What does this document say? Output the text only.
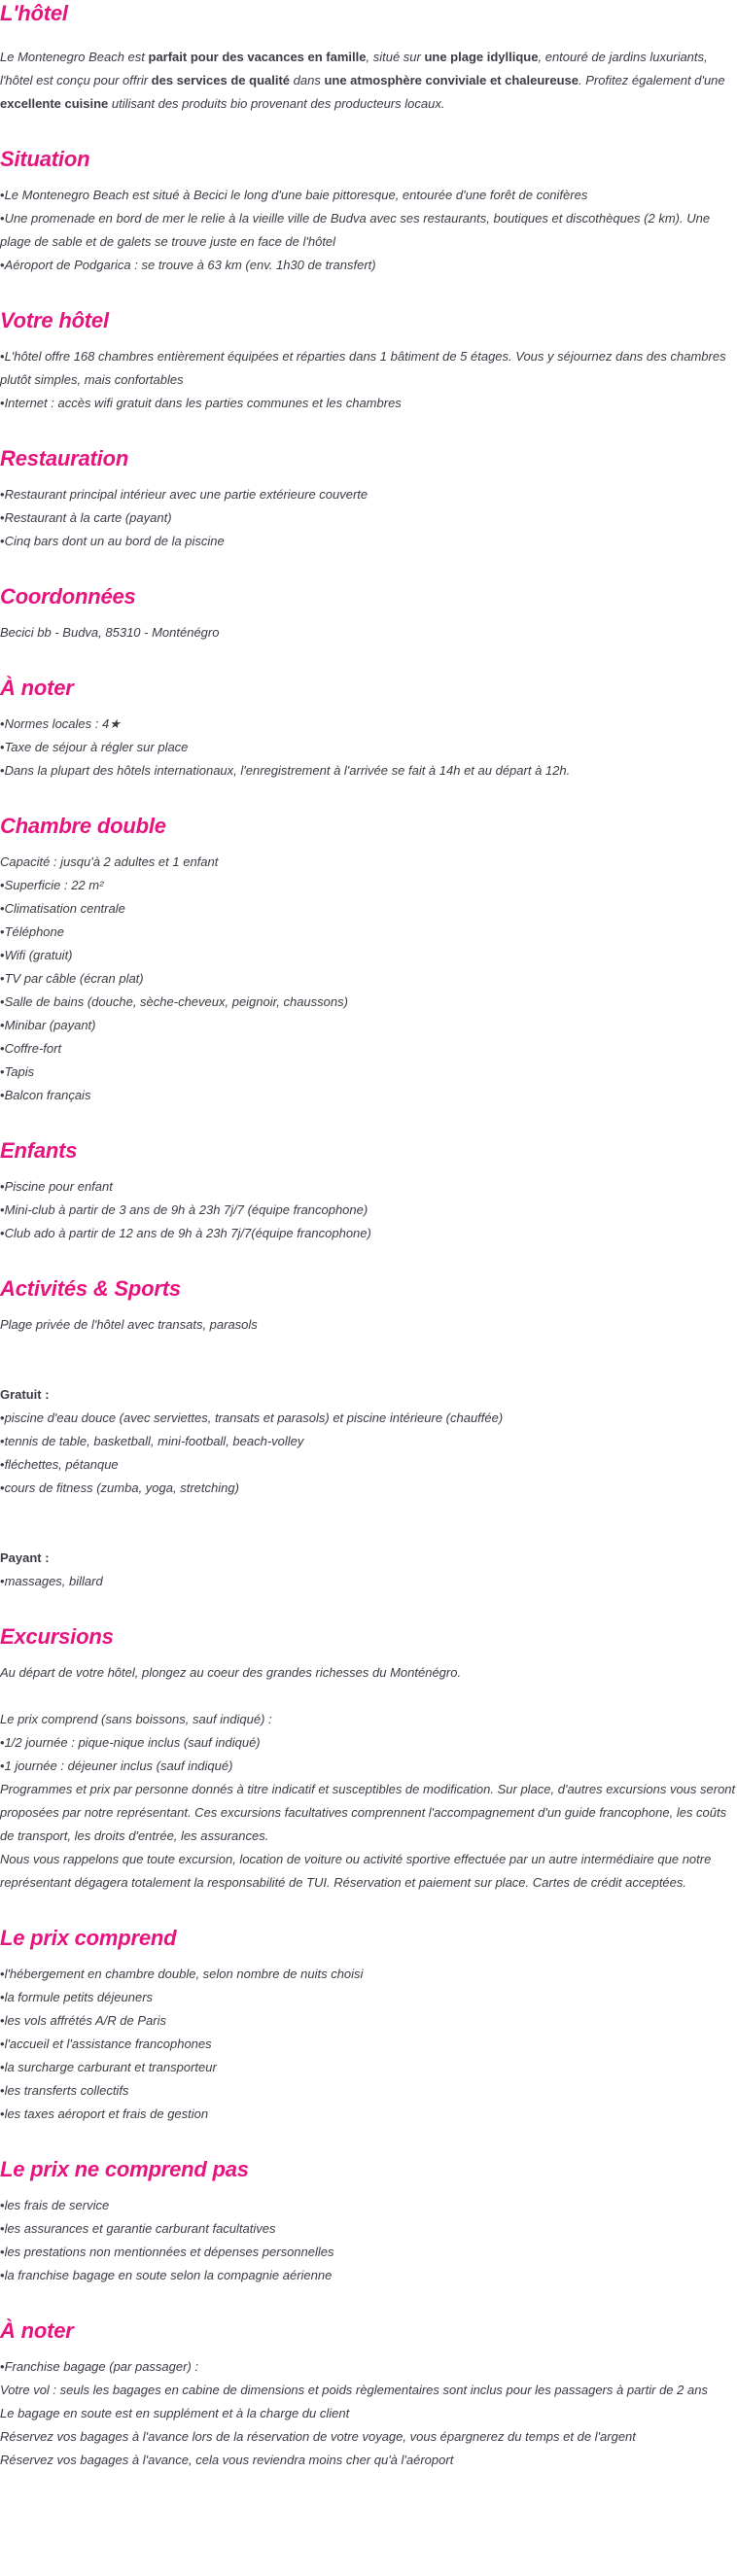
L'hôtel

Le Montenegro Beach est parfait pour des vacances en famille, situé sur une plage idyllique, entouré de jardins luxuriants, l'hôtel est conçu pour offrir des services de qualité dans une atmosphère conviviale et chaleureuse. Profitez également d'une excellente cuisine utilisant des produits bio provenant des producteurs locaux.

Situation
• Le Montenegro Beach est situé à Becici le long d'une baie pittoresque, entourée d'une forêt de conifères
• Une promenade en bord de mer le relie à la vieille ville de Budva avec ses restaurants, boutiques et discothèques (2 km). Une plage de sable et de galets se trouve juste en face de l'hôtel
• Aéroport de Podgarica : se trouve à 63 km (env. 1h30 de transfert)
Votre hôtel
• L'hôtel offre 168 chambres entièrement équipées et réparties dans 1 bâtiment de 5 étages. Vous y séjournez dans des chambres plutôt simples, mais confortables
• Internet : accès wifi gratuit dans les parties communes et les chambres
Restauration
• Restaurant principal intérieur avec une partie extérieure couverte
• Restaurant à la carte (payant)
• Cinq bars dont un au bord de la piscine
Coordonnées

Becici bb - Budva, 85310 - Monténégro

À noter
• Normes locales : 4★
• Taxe de séjour à régler sur place
• Dans la plupart des hôtels internationaux, l'enregistrement à l'arrivée se fait à 14h et au départ à 12h.
Chambre double

Capacité : jusqu'à 2 adultes et 1 enfant

• Superficie : 22 m²
• Climatisation centrale
• Téléphone
• Wifi (gratuit)
• TV par câble (écran plat)
• Salle de bains (douche, sèche-cheveux, peignoir, chaussons)
• Minibar (payant)
• Coffre-fort
• Tapis
• Balcon français
Enfants
• Piscine pour enfant
• Mini-club à partir de 3 ans de 9h à 23h 7j/7 (équipe francophone)
• Club ado à partir de 12 ans de 9h à 23h 7j/7(équipe francophone)
Activités & Sports

Plage privée de l'hôtel avec transats, parasols

Gratuit :

• piscine d'eau douce (avec serviettes, transats et parasols) et piscine intérieure (chauffée)
• tennis de table, basketball, mini-football, beach-volley
• fléchettes, pétanque
• cours de fitness (zumba, yoga, stretching)

Payant :

• massages, billard
Excursions

Au départ de votre hôtel, plongez au coeur des grandes richesses du Monténégro.

Le prix comprend (sans boissons, sauf indiqué) :

• 1/2 journée : pique-nique inclus (sauf indiqué)
• 1 journée : déjeuner inclus (sauf indiqué)

Programmes et prix par personne donnés à titre indicatif et susceptibles de modification. Sur place, d'autres excursions vous seront proposées par notre représentant. Ces excursions facultatives comprennent l'accompagnement d'un guide francophone, les coûts de transport, les droits d'entrée, les assurances.

Nous vous rappelons que toute excursion, location de voiture ou activité sportive effectuée par un autre intermédiaire que notre représentant dégagera totalement la responsabilité de TUI. Réservation et paiement sur place. Cartes de crédit acceptées.

Le prix comprend
• l'hébergement en chambre double, selon nombre de nuits choisi
• la formule petits déjeuners
• les vols affrétés A/R de Paris
• l'accueil et l'assistance francophones
• la surcharge carburant et transporteur
• les transferts collectifs
• les taxes aéroport et frais de gestion
Le prix ne comprend pas
• les frais de service
• les assurances et garantie carburant facultatives
• les prestations non mentionnées et dépenses personnelles
• la franchise bagage en soute selon la compagnie aérienne
À noter
• Franchise bagage (par passager) :

Votre vol : seuls les bagages en cabine de dimensions et poids règlementaires sont inclus pour les passagers à partir de 2 ans

Le bagage en soute est en supplément et à la charge du client

Réservez vos bagages à l'avance lors de la réservation de votre voyage, vous épargnerez du temps et de l'argent

Réservez vos bagages à l'avance, cela vous reviendra moins cher qu'à l'aéroport
